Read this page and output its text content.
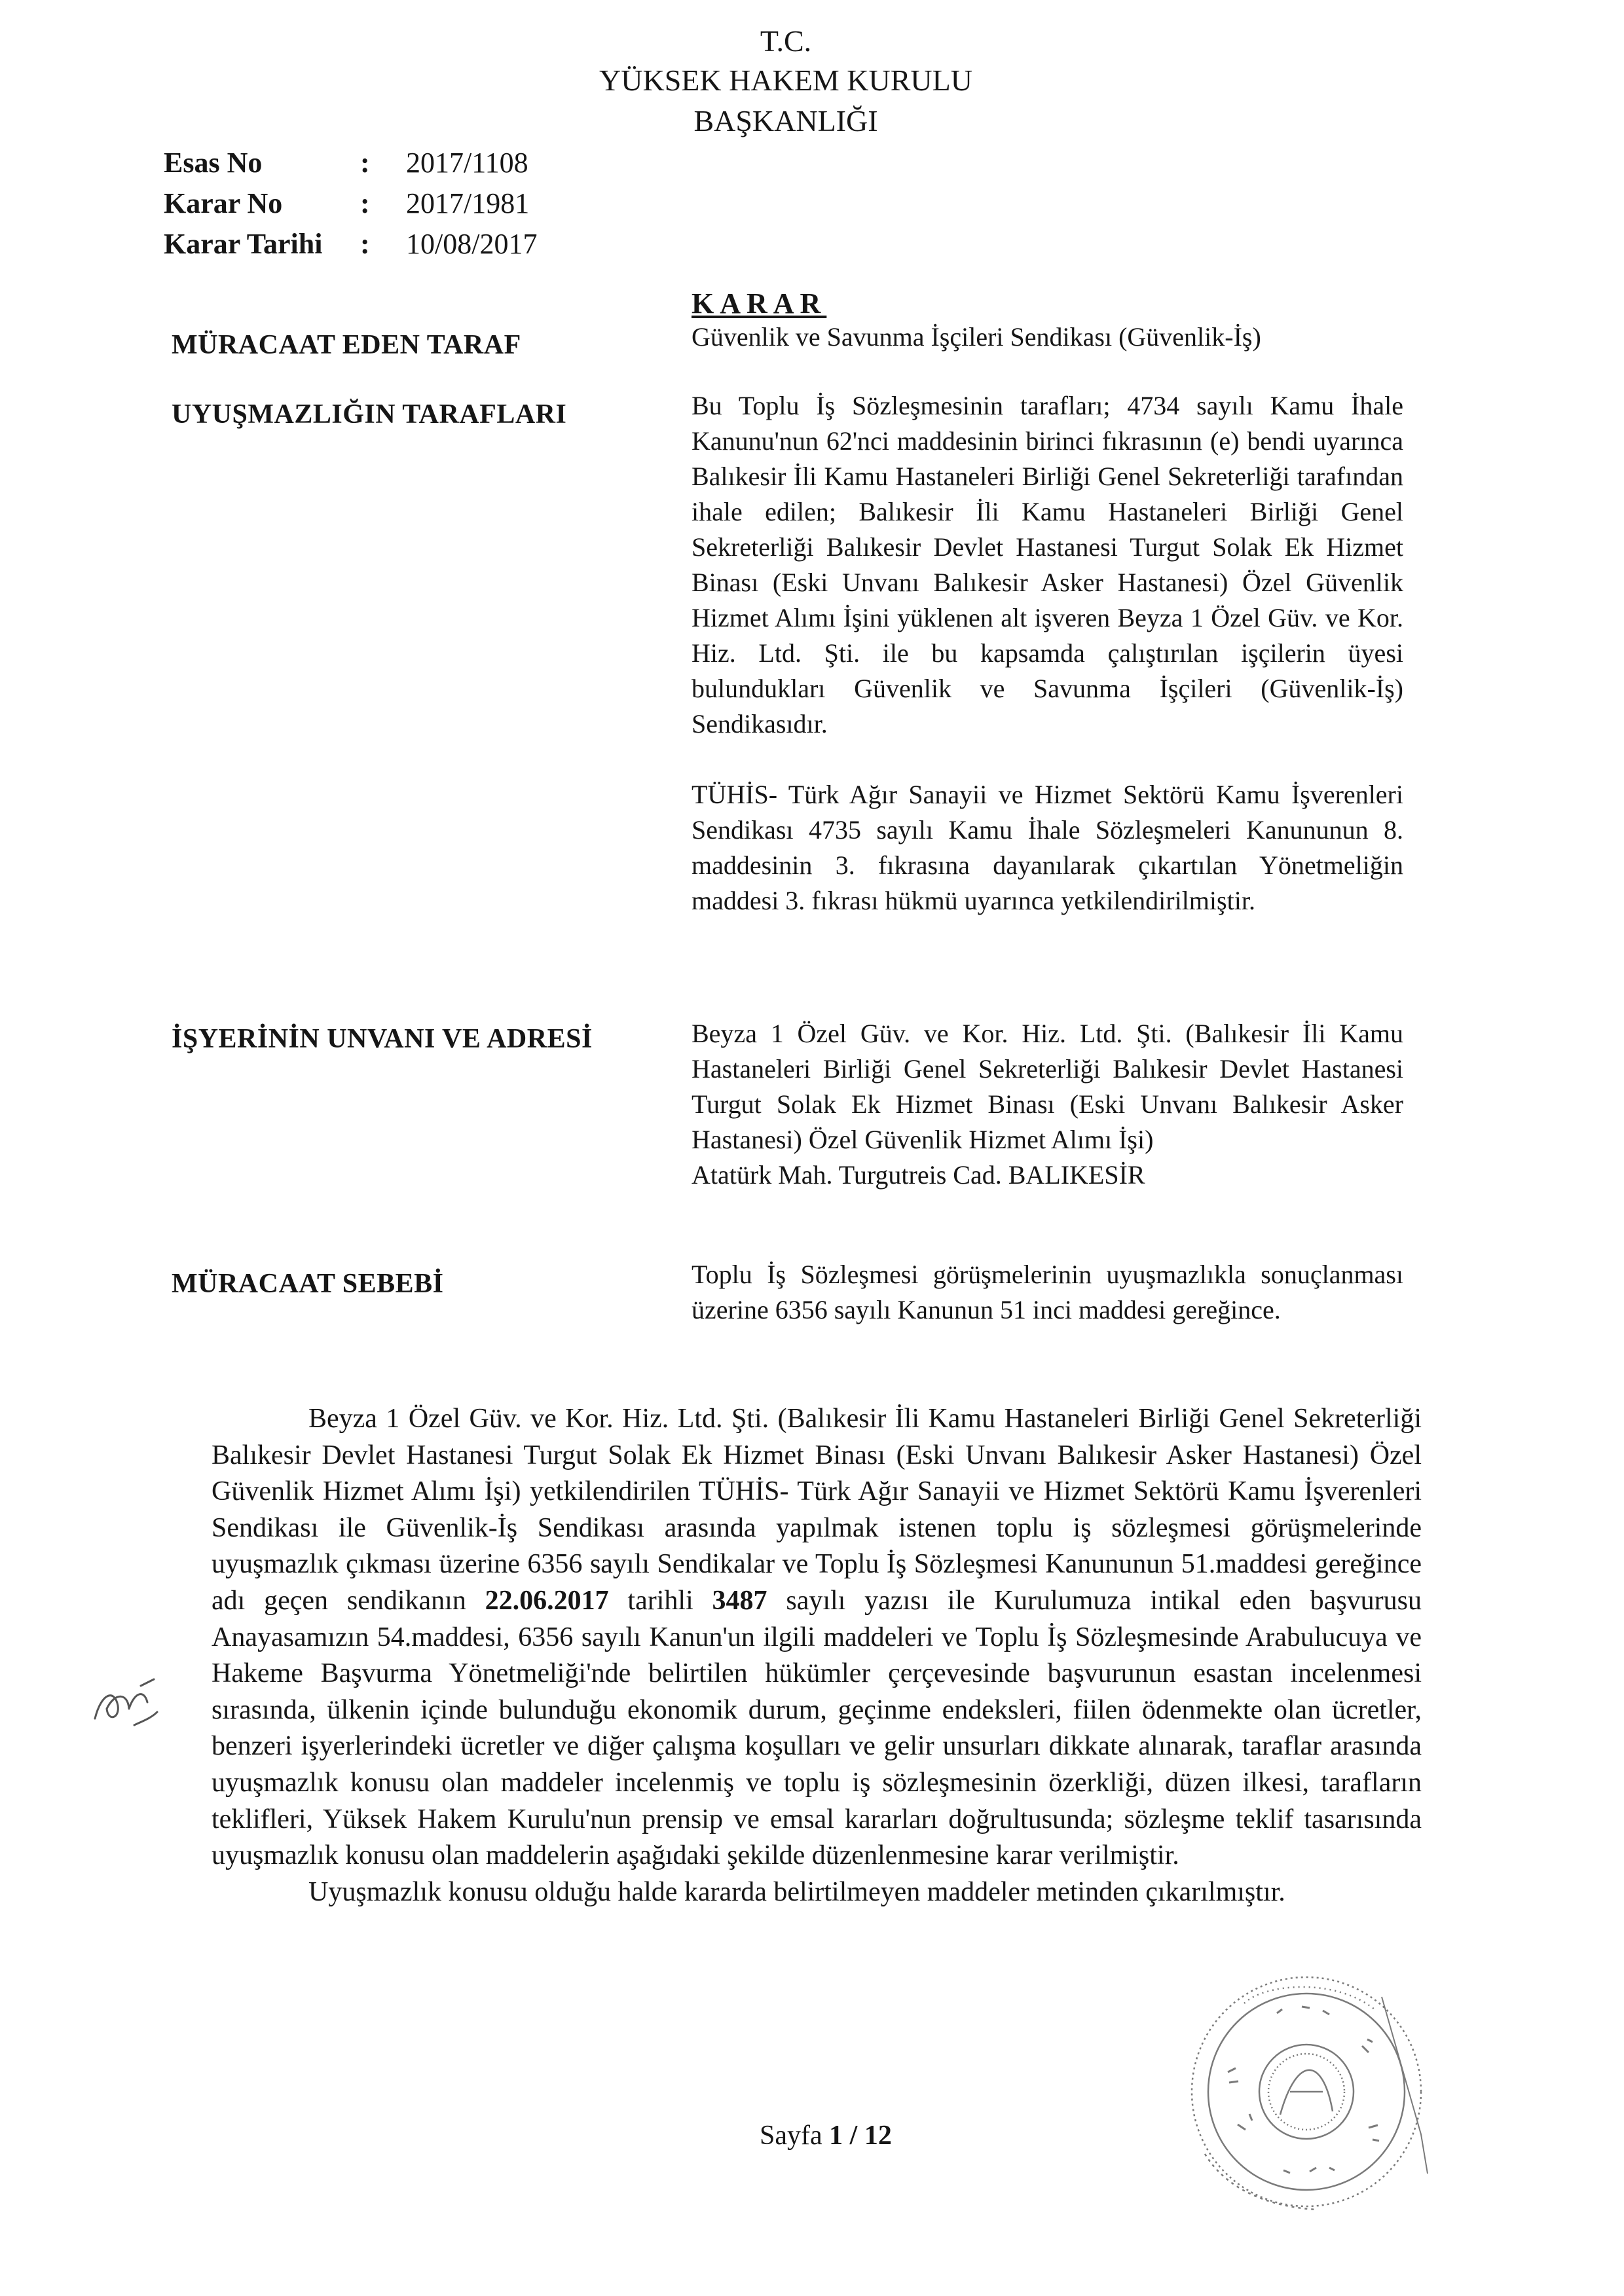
T.C.
YÜKSEK HAKEM KURULU
BAŞKANLIĞI
Esas No	:	2017/1108
Karar No	:	2017/1981
Karar Tarihi	:	10/08/2017
KARAR
MÜRACAAT EDEN TARAF	Güvenlik ve Savunma İşçileri Sendikası (Güvenlik-İş)

UYUŞMAZLIĞIN TARAFLARI	Bu Toplu İş Sözleşmesinin tarafları; 4734 sayılı Kamu İhale Kanunu'nun 62'nci maddesinin birinci fıkrasının (e) bendi uyarınca Balıkesir İli Kamu Hastaneleri Birliği Genel Sekreterliği tarafından ihale edilen; Balıkesir İli Kamu Hastaneleri Birliği Genel Sekreterliği Balıkesir Devlet Hastanesi Turgut Solak Ek Hizmet Binası (Eski Unvanı Balıkesir Asker Hastanesi) Özel Güvenlik Hizmet Alımı İşini yüklenen alt işveren Beyza 1 Özel Güv. ve Kor. Hiz. Ltd. Şti. ile bu kapsamda çalıştırılan işçilerin üyesi bulundukları Güvenlik ve Savunma İşçileri (Güvenlik-İş) Sendikasıdır.

TÜHİS- Türk Ağır Sanayii ve Hizmet Sektörü Kamu İşverenleri Sendikası 4735 sayılı Kamu İhale Sözleşmeleri Kanununun 8. maddesinin 3. fıkrasına dayanılarak çıkartılan Yönetmeliğin maddesi 3. fıkrası hükmü uyarınca yetkilendirilmiştir.

İŞYERİNİN UNVANI VE ADRESİ	Beyza 1 Özel Güv. ve Kor. Hiz. Ltd. Şti. (Balıkesir İli Kamu Hastaneleri Birliği Genel Sekreterliği Balıkesir Devlet Hastanesi Turgut Solak Ek Hizmet Binası (Eski Unvanı Balıkesir Asker Hastanesi) Özel Güvenlik Hizmet Alımı İşi)

Atatürk Mah. Turgutreis Cad. BALIKESİR

MÜRACAAT SEBEBİ	Toplu İş Sözleşmesi görüşmelerinin uyuşmazlıkla sonuçlanması üzerine 6356 sayılı Kanunun 51 inci maddesi gereğince.

Beyza 1 Özel Güv. ve Kor. Hiz. Ltd. Şti. (Balıkesir İli Kamu Hastaneleri Birliği Genel Sekreterliği Balıkesir Devlet Hastanesi Turgut Solak Ek Hizmet Binası (Eski Unvanı Balıkesir Asker Hastanesi) Özel Güvenlik Hizmet Alımı İşi) yetkilendirilen TÜHİS- Türk Ağır Sanayii ve Hizmet Sektörü Kamu İşverenleri Sendikası ile Güvenlik-İş Sendikası arasında yapılmak istenen toplu iş sözleşmesi görüşmelerinde uyuşmazlık çıkması üzerine 6356 sayılı Sendikalar ve Toplu İş Sözleşmesi Kanununun 51.maddesi gereğince adı geçen sendikanın 22.06.2017 tarihli 3487 sayılı yazısı ile Kurulumuza intikal eden başvurusu Anayasamızın 54.maddesi, 6356 sayılı Kanun'un ilgili maddeleri ve Toplu İş Sözleşmesinde Arabulucuya ve Hakeme Başvurma Yönetmeliği'nde belirtilen hükümler çerçevesinde başvurunun esastan incelenmesi sırasında, ülkenin içinde bulunduğu ekonomik durum, geçinme endeksleri, fiilen ödenmekte olan ücretler, benzeri işyerlerindeki ücretler ve diğer çalışma koşulları ve gelir unsurları dikkate alınarak, taraflar arasında uyuşmazlık konusu olan maddeler incelenmiş ve toplu iş sözleşmesinin özerkliği, düzen ilkesi, tarafların teklifleri, Yüksek Hakem Kurulu'nun prensip ve emsal kararları doğrultusunda; sözleşme teklif tasarısında uyuşmazlık konusu olan maddelerin aşağıdaki şekilde düzenlenmesine karar verilmiştir.

Uyuşmazlık konusu olduğu halde kararda belirtilmeyen maddeler metinden çıkarılmıştır.

Sayfa 1 / 12
